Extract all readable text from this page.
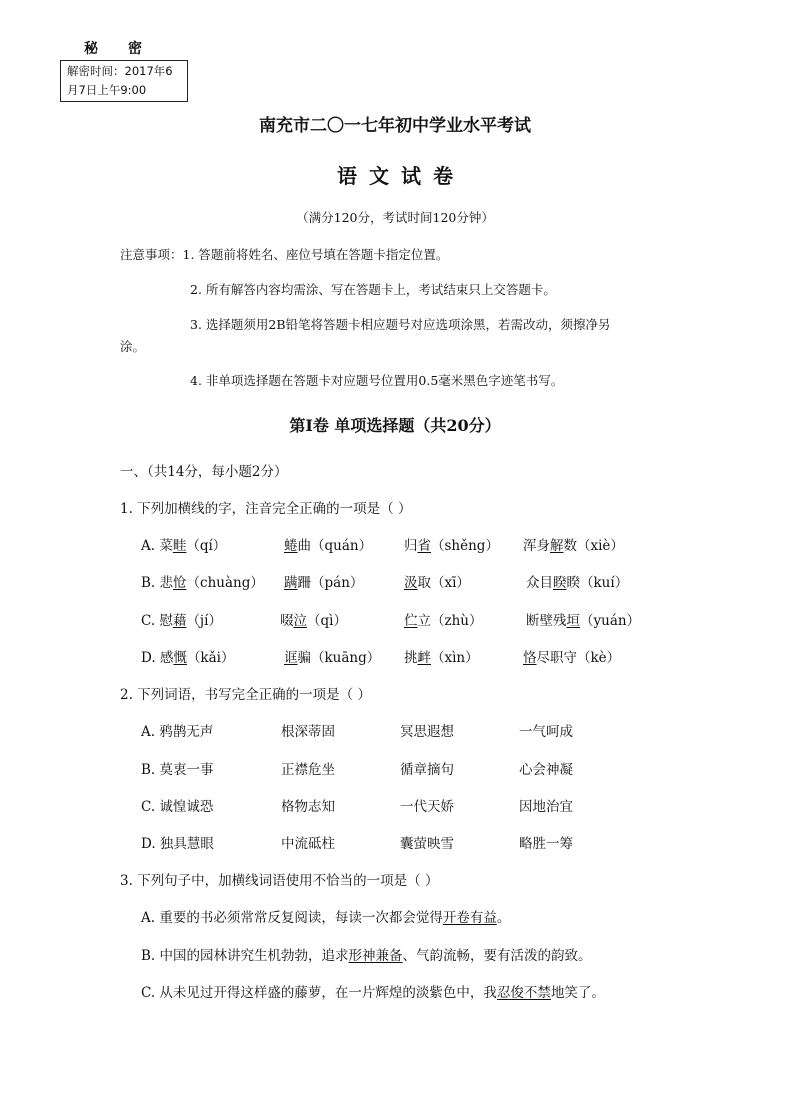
秘 密
解密时间：2017年6
月7日上午9:00
南充市二〇一七年初中学业水平考试
语文试卷
（满分120分，考试时间120分钟）
注意事项：1. 答题前将姓名、座位号填在答题卡指定位置。
2. 所有解答内容均需涂、写在答题卡上，考试结束只上交答题卡。
3. 选择题须用2B铅笔将答题卡相应题号对应选项涂黑，若需改动，须擦净另
涂。
4. 非单项选择题在答题卡对应题号位置用0.5毫米黑色字迹笔书写。
第Ⅰ卷 单项选择题（共20分）
一、（共14分，每小题2分）
1. 下列加横线的字，注音完全正确的一项是（ ）
A. 菜畦（qí）	蜷曲（quán） 归省（shěng） 浑身解数（xiè）
B. 悲怆（chuàng） 蹒跚（pán）	汲取（xī）	众目睽睽（kuí）
C. 慰藉（jí）	啜泣（qì）	伫立（zhù）	断壁残垣（yuán）
D. 感慨（kǎi）	诓骗（kuāng） 挑衅（xìn）	恪尽职守（kè）
2. 下列词语，书写完全正确的一项是（ ）
A. 鸦鹊无声	根深蒂固	冥思遐想	一气呵成
B. 莫衷一事	正襟危坐	循章摘句	心会神凝
C. 诚惶诚恐	格物志知	一代天娇	因地治宜
D. 独具慧眼	中流砥柱	囊萤映雪	略胜一筹
3. 下列句子中，加横线词语使用不恰当的一项是（ ）
A. 重要的书必须常常反复阅读，每读一次都会觉得开卷有益。
B. 中国的园林讲究生机勃勃，追求形神兼备、气韵流畅，要有活泼的韵致。
C. 从未见过开得这样盛的藤萝，在一片辉煌的淡紫色中，我忍俊不禁地笑了。
